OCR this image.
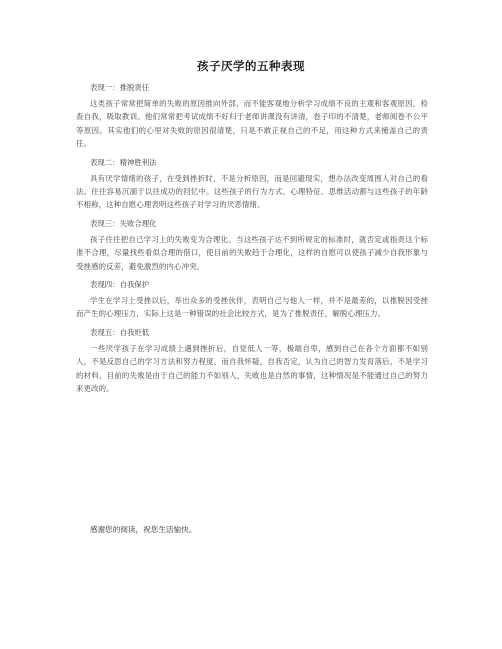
孩子厌学的五种表现
表现一：推脱责任
这类孩子常常把简单的失败的原因推向外部，而不能客观地分析学习成绩不良的主观和客观原因，检查自我，吸取教训。他们常常把考试成绩不好归于老师讲课没有讲清，卷子印的不清楚，老师阅卷不公平等原因。其实他们的心里对失败的原因很清楚，只是不敢正视自己的不足，用这种方式来掩盖自己的责任。
表现二：精神胜利法
具有厌学情绪的孩子，在受到挫折时，不是分析原因，而是回避现实，想办法改变周围人对自己的看法。往往容易沉湎于以往成功的回忆中。这些孩子的行为方式、心理特征、思维活动都与这些孩子的年龄不相称，这种自慰心理表明这些孩子对学习的厌恶情绪。
表现三：失败合理化
孩子往往把自己学习上的失败变为合理化。当这些孩子达不到所规定的标准时，就否定或指责这个标准不合理，尽量找些看似合理的借口，使目前的失败趋于合理化，这样的自慰可以使孩子减少自我形象与受挫感的反差，避免激烈的内心冲突。
表现四：自我保护
学生在学习上受挫以后，举出众多的受挫伙伴，表明自己与他人一样，并不是最差的，以推脱因受挫而产生的心理压力，实际上这是一种错误的社会比较方式，是为了推脱责任，解脱心理压力。
表现五：自我贬低
一些厌学孩子在学习成绩上遇到挫折后，自觉低人一等，极端自卑，感到自己在各个方面都不如别人，不是反思自己的学习方法和努力程度，而自我怀疑，自我否定，认为自己的智力发育落后，不是学习的材料。目前的失败是由于自己的能力不如别人，失败也是自然的事情，这种情况是不能通过自己的努力来更改的。
感谢您的阅读，祝您生活愉快。
